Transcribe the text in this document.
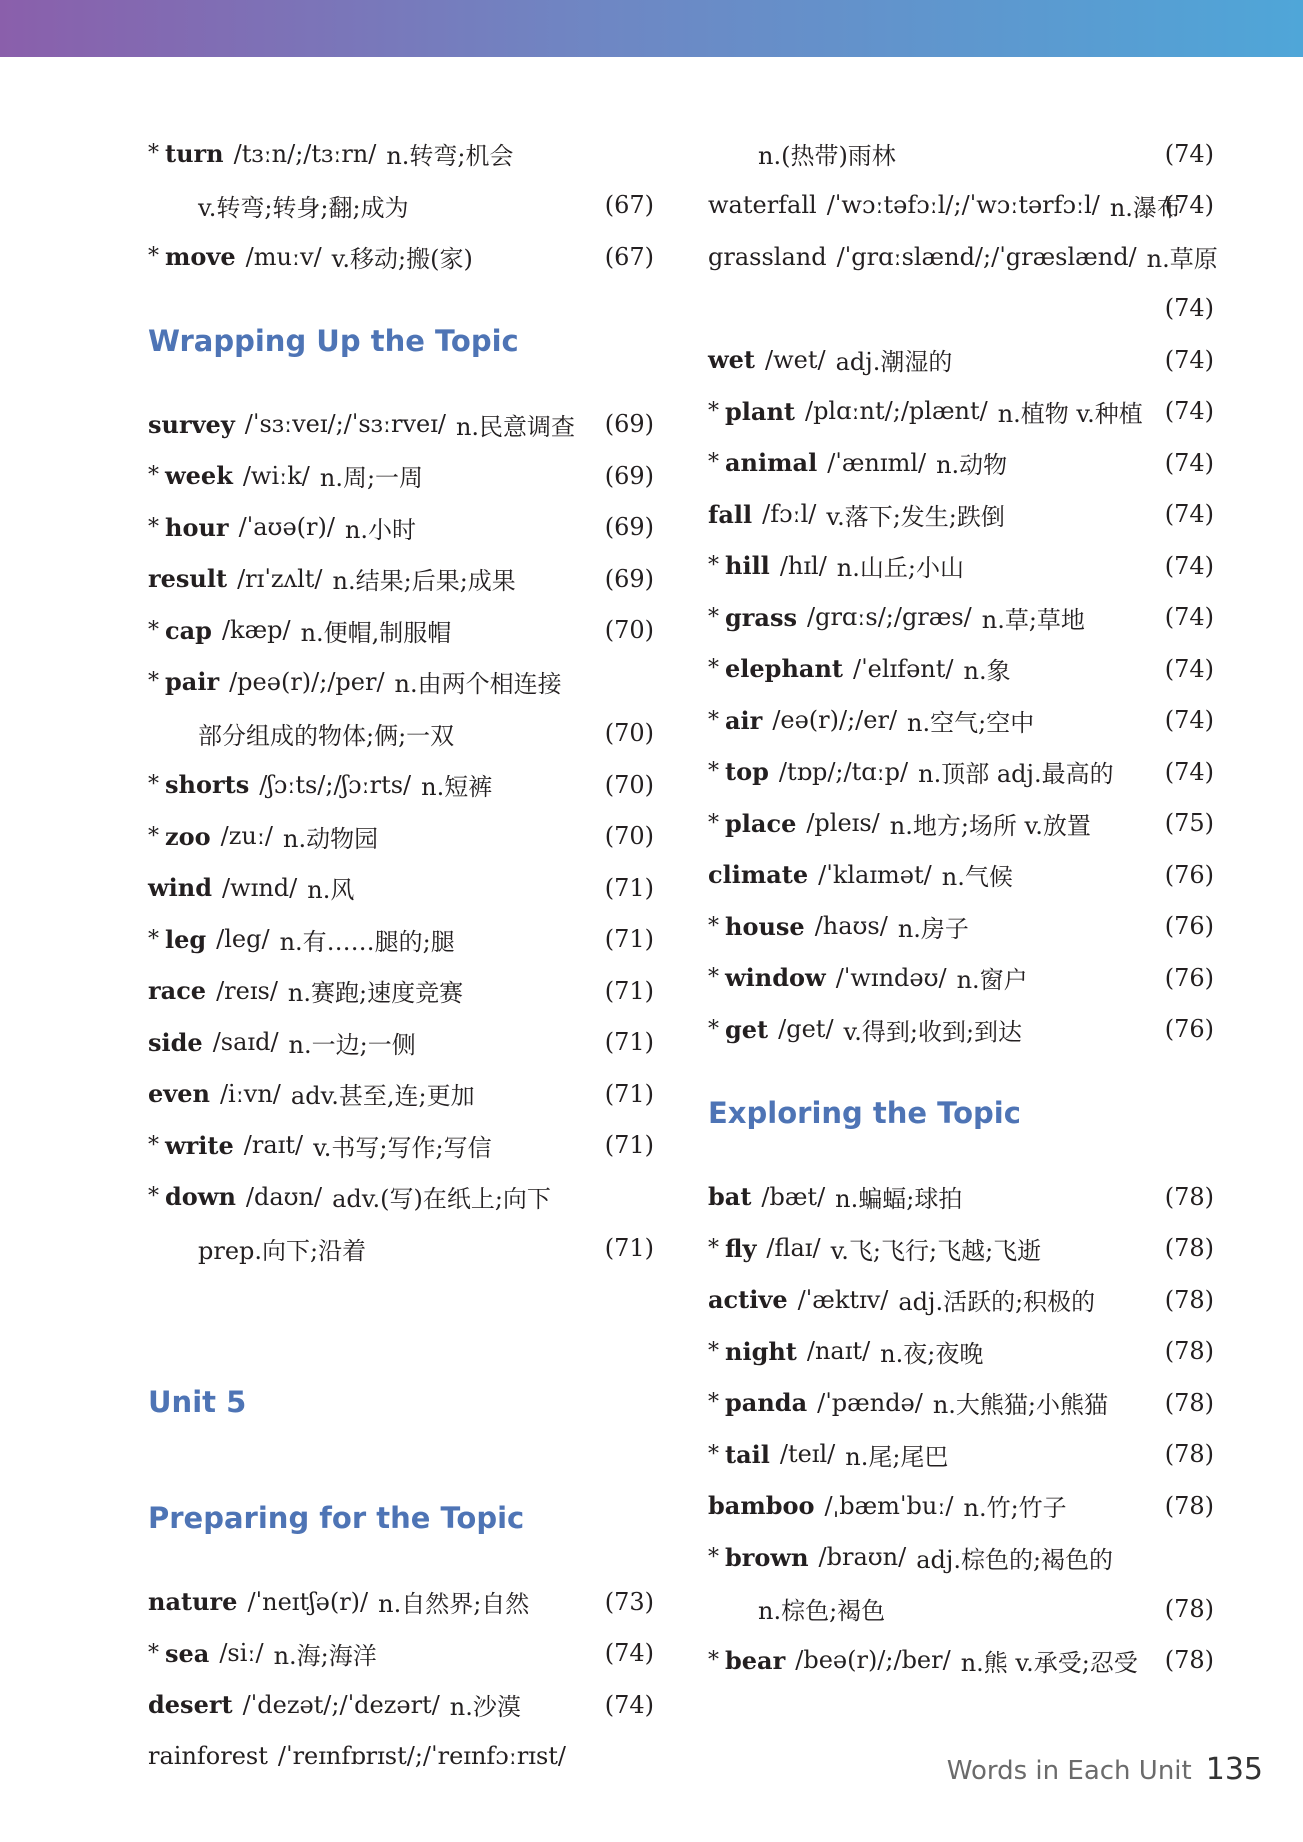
* turn /tɜːn/;/tɜːrn/ n.转弯;机会
v.转弯;转身;翻;成为	(67)
* move /muːv/ v.移动;搬(家)	(67)
Wrapping Up the Topic
survey /ˈsɜːveɪ/;/ˈsɜːrveɪ/ n.民意调查 (69)
* week /wiːk/ n.周;一周	(69)
* hour /ˈaʊə(r)/ n.小时	(69)
result /rɪˈzʌlt/ n.结果;后果;成果	(69)
* cap /kæp/ n.便帽,制服帽	(70)
* pair /peə(r)/;/per/ n.由两个相连接
部分组成的物体;俩;一双	(70)
* shorts /ʃɔːts/;/ʃɔːrts/ n.短裤	(70)
* zoo /zuː/ n.动物园	(70)
wind /wɪnd/ n.风	(71)
* leg /leg/ n.有……腿的;腿	(71)
race /reɪs/ n.赛跑;速度竞赛	(71)
side /saɪd/ n.一边;一侧	(71)
even /iːvn/ adv.甚至,连;更加	(71)
* write /raɪt/ v.书写;写作;写信	(71)
* down /daʊn/ adv.(写)在纸上;向下
prep.向下;沿着	(71)
Unit 5
Preparing for the Topic
nature /ˈneɪtʃə(r)/ n.自然界;自然	(73)
* sea /siː/ n.海;海洋	(74)
desert /ˈdezət/;/ˈdezərt/ n.沙漠	(74)
rainforest /ˈreɪnfɒrɪst/;/ˈreɪnfɔːrɪst/
n.(热带)雨林	(74)
waterfall /ˈwɔːtəfɔːl/;/ˈwɔːtərfɔːl/ n.瀑布
(74)
grassland /ˈgrɑːslænd/;/ˈgræslænd/ n.草原
(74)
wet /wet/ adj.潮湿的	(74)
* plant /plɑːnt/;/plænt/ n.植物 v.种植 (74)
* animal /ˈænɪml/ n.动物	(74)
fall /fɔːl/ v.落下;发生;跌倒	(74)
* hill /hɪl/ n.山丘;小山	(74)
* grass /grɑːs/;/græs/ n.草;草地	(74)
* elephant /ˈelɪfənt/ n.象	(74)
* air /eə(r)/;/er/ n.空气;空中	(74)
* top /tɒp/;/tɑːp/ n.顶部 adj.最高的 (74)
* place /pleɪs/ n.地方;场所 v.放置	(75)
climate /ˈklaɪmət/ n.气候	(76)
* house /haʊs/ n.房子	(76)
* window /ˈwɪndəʊ/ n.窗户	(76)
* get /get/ v.得到;收到;到达	(76)
Exploring the Topic
bat /bæt/ n.蝙蝠;球拍	(78)
* fly /flaɪ/ v.飞;飞行;飞越;飞逝	(78)
active /ˈæktɪv/ adj.活跃的;积极的	(78)
* night /naɪt/ n.夜;夜晚	(78)
* panda /ˈpændə/ n.大熊猫;小熊猫 (78)
* tail /teɪl/ n.尾;尾巴	(78)
bamboo /ˌbæmˈbuː/ n.竹;竹子	(78)
* brown /braʊn/ adj.棕色的;褐色的
n.棕色;褐色	(78)
* bear /beə(r)/;/ber/ n.熊 v.承受;忍受 (78)
Words in Each Unit 135
